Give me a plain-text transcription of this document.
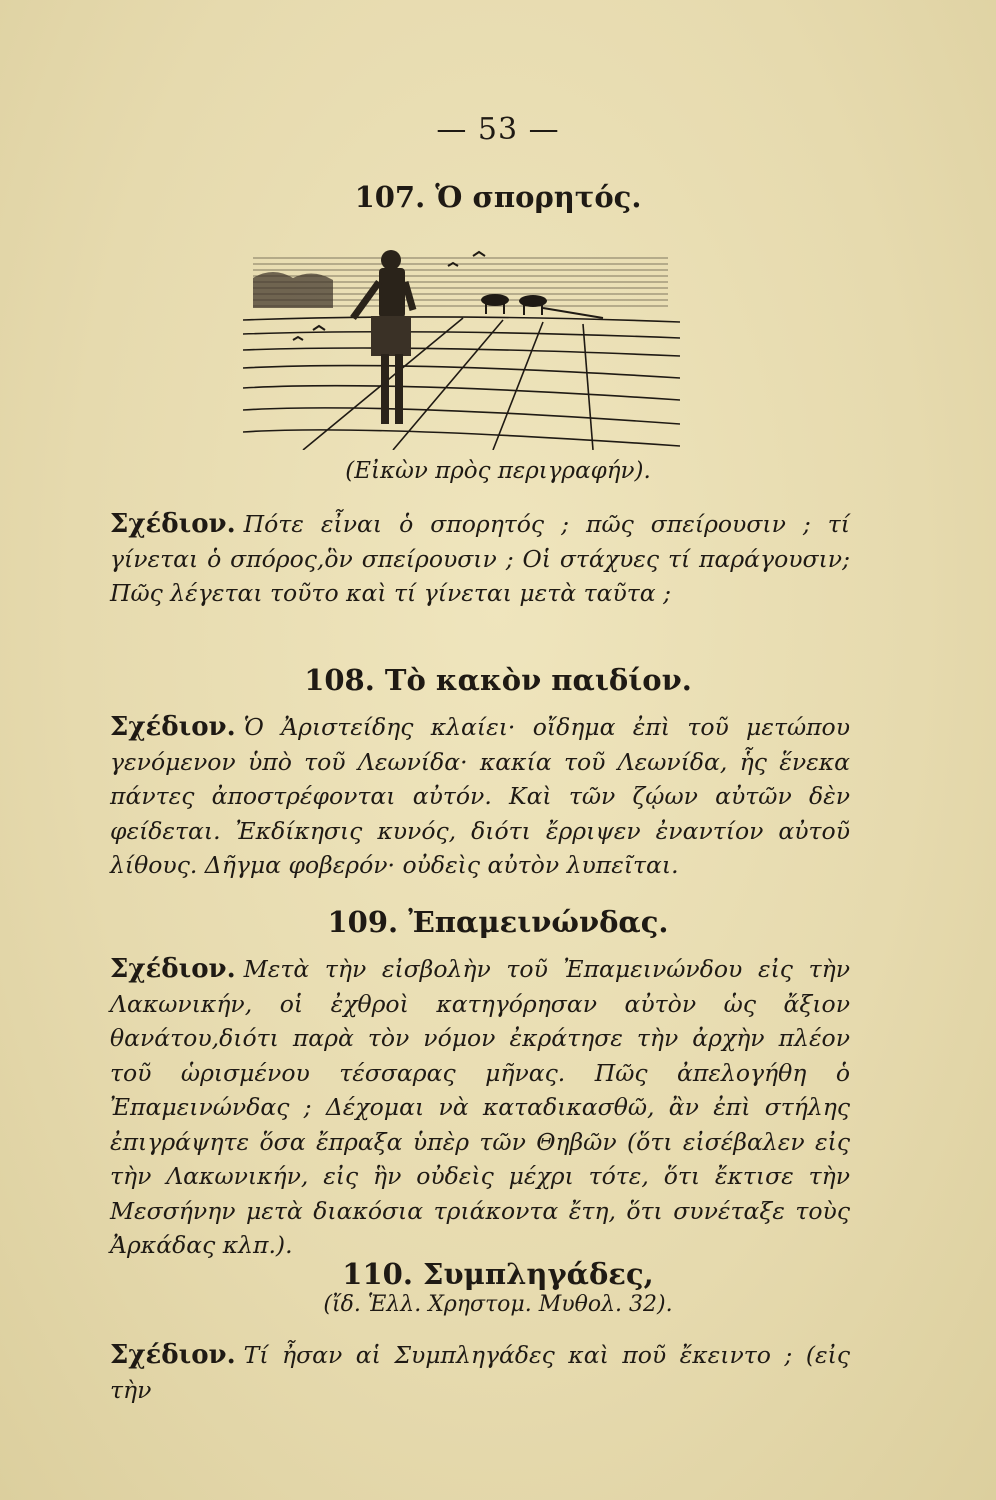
— 53 —
107. Ὁ σπορητός.
(Εἰκὼν πρὸς περιγραφήν).

Σχέδιον. Πότε εἶναι ὁ σπορητός ; πῶς σπείρουσιν ; τί γίνεται ὁ σπόρος,ὃν σπείρουσιν ; Οἱ στάχυες τί παράγουσιν; Πῶς λέγεται τοῦτο καὶ τί γίνεται μετὰ ταῦτα ;

108. Τὸ κακὸν παιδίον.

Σχέδιον. Ὁ Ἀριστείδης κλαίει· οἴδημα ἐπὶ τοῦ μετώπου γενόμενον ὑπὸ τοῦ Λεωνίδα· κακία τοῦ Λεωνίδα, ἧς ἕνεκα πάντες ἀποστρέφονται αὐτόν. Καὶ τῶν ζῴων αὐτῶν δὲν φείδεται. Ἐκδίκησις κυνός, διότι ἔρριψεν ἐναντίον αὐτοῦ λίθους. Δῆγμα φοβερόν· οὐδεὶς αὐτὸν λυπεῖται.

109. Ἐπαμεινώνδας.

Σχέδιον. Μετὰ τὴν εἰσβολὴν τοῦ Ἐπαμεινώνδου εἰς τὴν Λακωνικήν, οἱ ἐχθροὶ κατηγόρησαν αὐτὸν ὡς ἄξιον θανάτου,διότι παρὰ τὸν νόμον ἐκράτησε τὴν ἀρχὴν πλέον τοῦ ὡρισμένου τέσσαρας μῆνας. Πῶς ἀπελογήθη ὁ Ἐπαμεινώνδας ; Δέχομαι νὰ καταδικασθῶ, ἂν ἐπὶ στήλης ἐπιγράψητε ὅσα ἔπραξα ὑπὲρ τῶν Θηβῶν (ὅτι εἰσέβαλεν εἰς τὴν Λακωνικήν, εἰς ἣν οὐδεὶς μέχρι τότε, ὅτι ἔκτισε τὴν Μεσσήνην μετὰ διακόσια τριάκοντα ἔτη, ὅτι συνέταξε τοὺς Ἀρκάδας κλπ.).

110. Συμπληγάδες,
(ἴδ. Ἑλλ. Χρηστομ. Μυθολ. 32).

Σχέδιον. Τί ἦσαν αἱ Συμπληγάδες καὶ ποῦ ἔκειντο ; (εἰς τὴν
